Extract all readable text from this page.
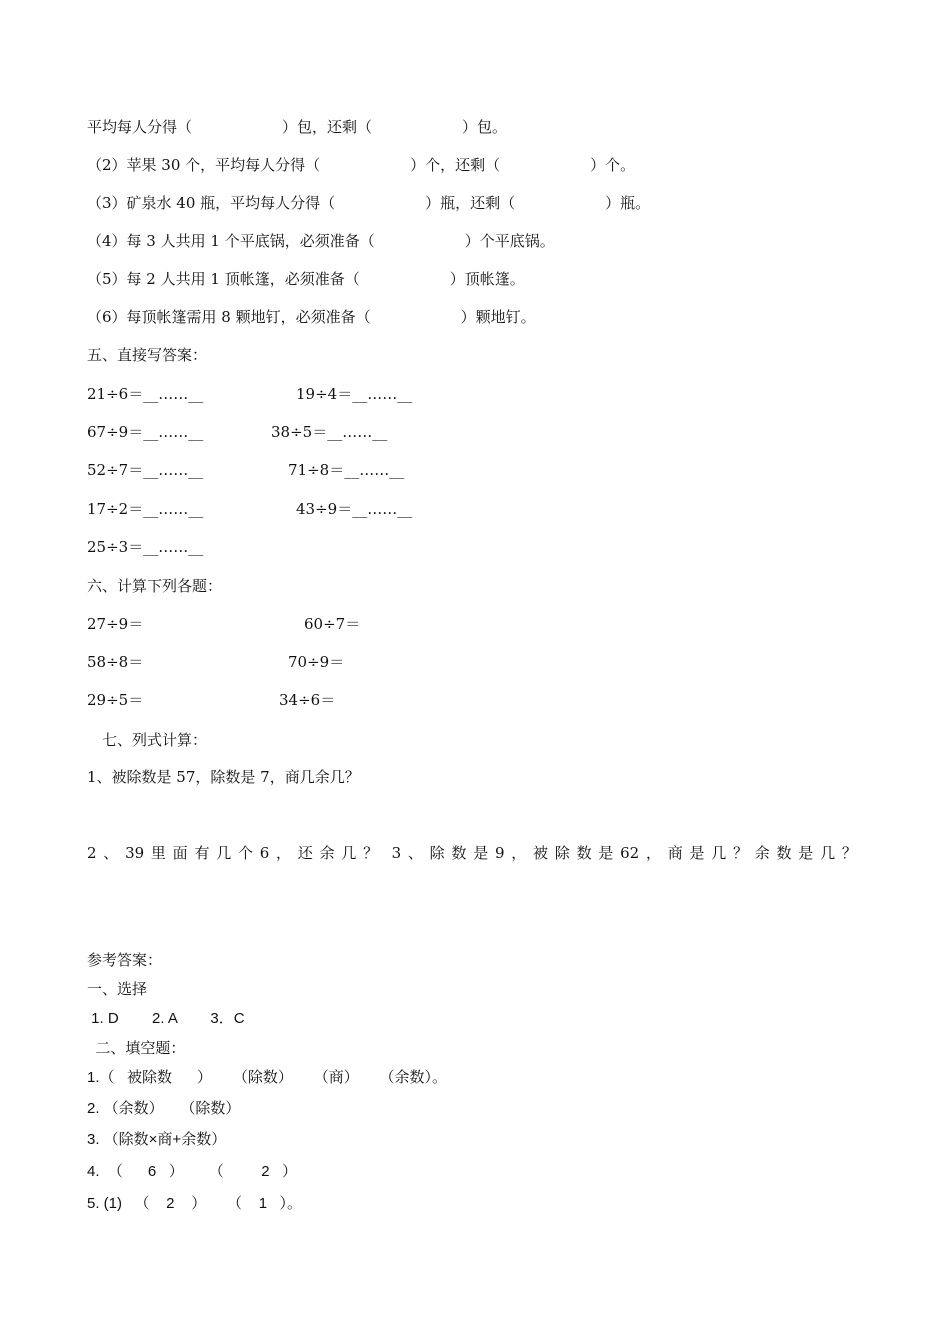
平均每人分得（　　　　　　）包，还剩（　　　　　　）包。
（2）苹果 30 个，平均每人分得（　　　　　　）个，还剩（　　　　　　）个。
（3）矿泉水 40 瓶，平均每人分得（　　　　　　）瓶，还剩（　　　　　　）瓶。
（4）每 3 人共用 1 个平底锅，必须准备（　　　　　　）个平底锅。
（5）每 2 人共用 1 顶帐篷，必须准备（　　　　　　）顶帐篷。
（6）每顶帐篷需用 8 颗地钉，必须准备（　　　　　　）颗地钉。
五、直接写答案：
21÷6＝__……__	19÷4＝__……__
67÷9＝__……__	38÷5＝__……__
52÷7＝__……__	71÷8＝__……__
17÷2＝__……__	43÷9＝__……__
25÷3＝__……__
六、计算下列各题：
27÷9＝	60÷7＝
58÷8＝	70÷9＝
29÷5＝	34÷6＝
七、列式计算：
1、被除数是 57，除数是 7，商几余几？
2 、 39 里 面 有 几 个 6 ， 还 余 几 ？ 3 、 除 数 是 9 ， 被 除 数 是 62 ， 商 是 几 ？ 余 数 是 几 ？
参考答案：
一、选择
1. D        2. A        3．C
二、填空题：
1.（   被除数      ）     （除数）     （商）     （余数）。
2. （余数）    （除数）
3. （除数×商+余数）
4.  （      6   ）      （         2   ）
5. (1)   （    2    ）     （    1   ）。
